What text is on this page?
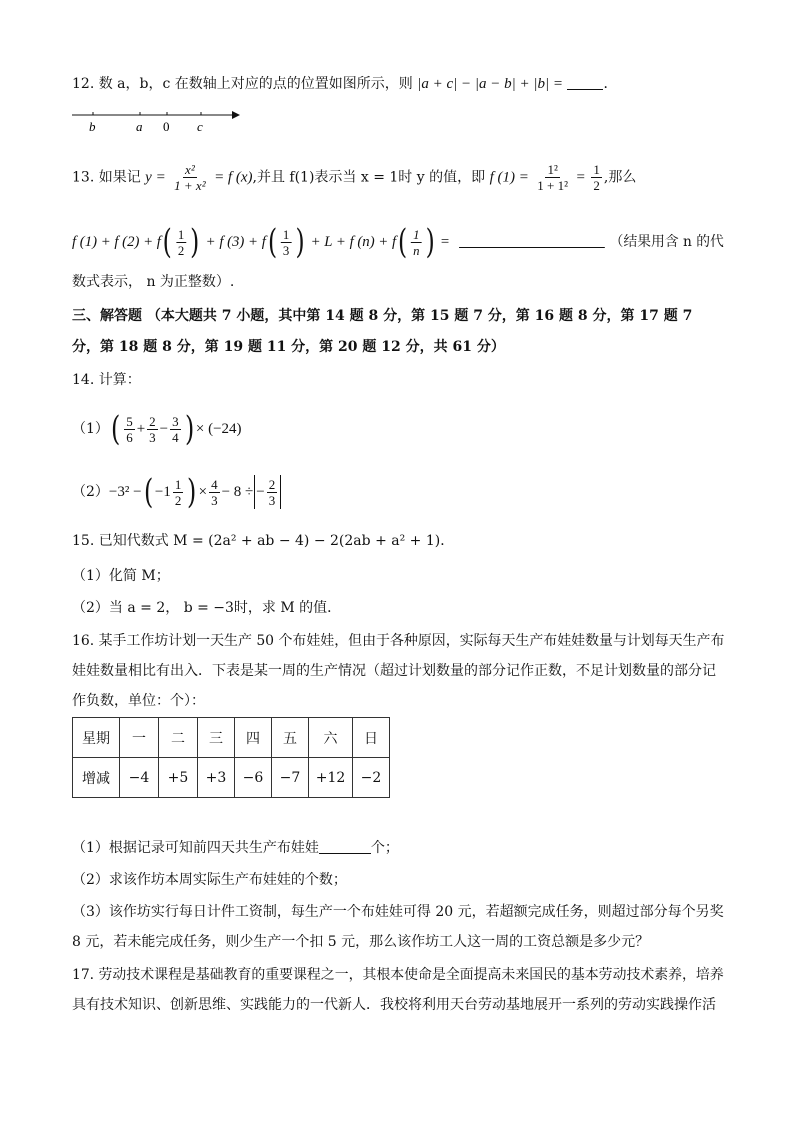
12. 数 a，b，c 在数轴上对应的点的位置如图所示，则 |a + c| − |a − b| + |b| =	．
b	a 0 c
13. 如果记 $y = \frac{\text{x²}}{\text{1 + x²}} = f$ (x),并且 f(1)表示当 x = 1时 y 的值，即 f $(1) = \frac{\text{1²}}{\text{1 + 1²}} = \frac{1}{2}$ ,那么
f (1) + f $(2) + f( \frac{1}{2}$ ) + f $(3) + f( \frac{1}{3}$ ) + L + f $(n) + f( \frac{1}{n}$ ) =	（结果用含 n 的代
数式表示， n 为正整数）.
三、解答题 （本大题共 7 小题，其中第 14 题 8 分，第 15 题 7 分，第 16 题 8 分，第 17 题 7
分，第 18 题 8 分，第 19 题 11 分，第 20 题 12 分，共 61 分）
14. 计算：
$(1)( \frac{5}{6} + \frac{2}{3} - \frac{3}{4}$ ) × (−24)
（2）−3² −( $-1 \frac{1}{2}$ ) × $\frac{4}{3} - 8$ ÷ − $\frac{2}{3}$
15. 已知代数式 M = (2a² + ab − 4) − 2(2ab + a² + 1)．
（1）化简 M；
（2）当 a = 2， b = −3时，求 M 的值．
16. 某手工作坊计划一天生产 50 个布娃娃，但由于各种原因，实际每天生产布娃娃数量与计划每天生产布
娃娃数量相比有出入．下表是某一周的生产情况（超过计划数量的部分记作正数，不足计划数量的部分记
作负数，单位：个）：
星期	一	二	三	四	五	六	日
增减	−4	+5	+3	−6	−7	+12	−2
（1）根据记录可知前四天共生产布娃娃	个；
（2）求该作坊本周实际生产布娃娃的个数；
（3）该作坊实行每日计件工资制，每生产一个布娃娃可得 20 元，若超额完成任务，则超过部分每个另奖
8 元，若未能完成任务，则少生产一个扣 5 元，那么该作坊工人这一周的工资总额是多少元？
17. 劳动技术课程是基础教育的重要课程之一，其根本使命是全面提高未来国民的基本劳动技术素养，培养
具有技术知识、创新思维、实践能力的一代新人．我校将利用天台劳动基地展开一系列的劳动实践操作活
